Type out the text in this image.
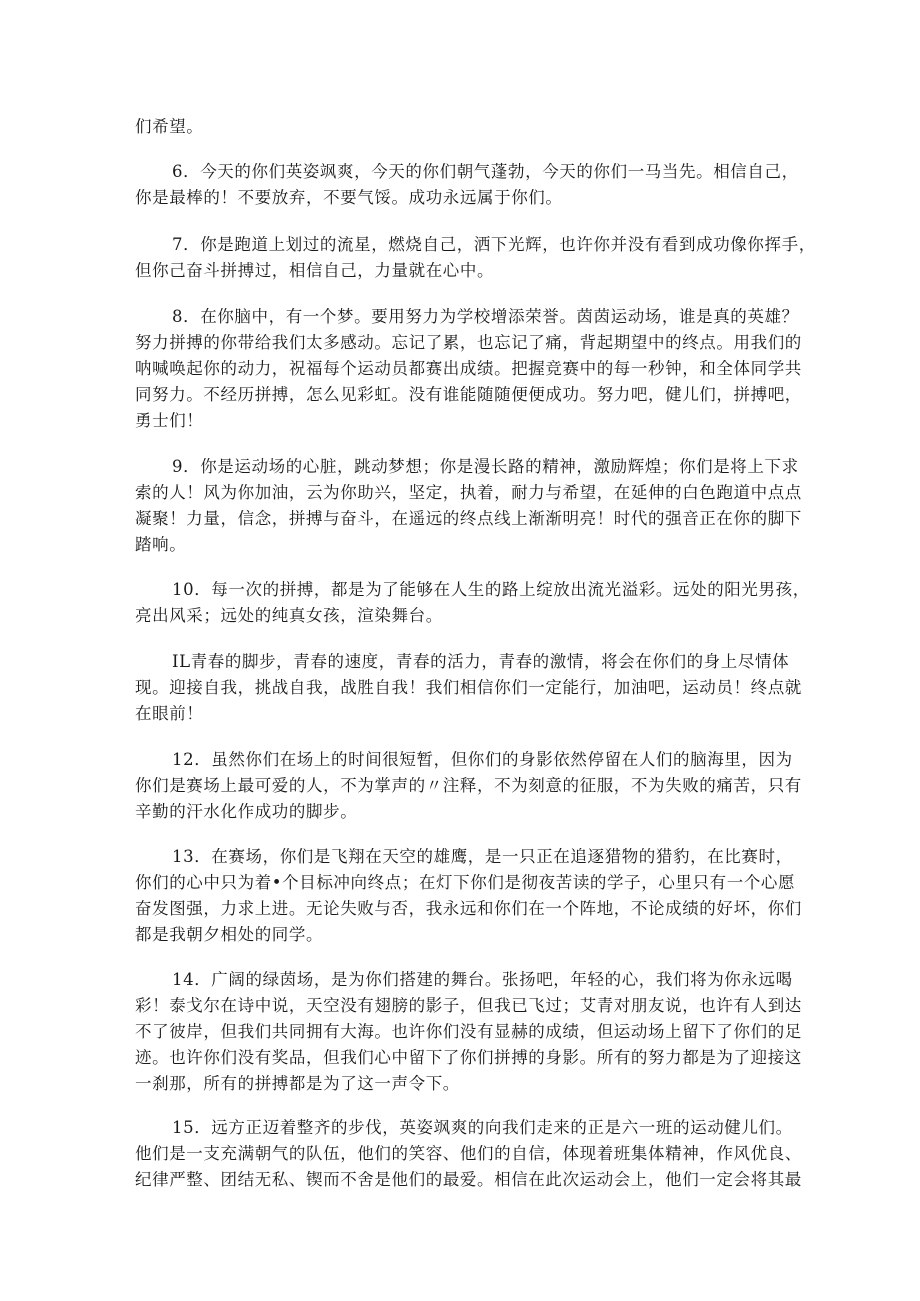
们希望。
6．今天的你们英姿飒爽，今天的你们朝气蓬勃，今天的你们一马当先。相信自己，
你是最棒的！不要放弃，不要气馁。成功永远属于你们。
7．你是跑道上划过的流星，燃烧自己，洒下光辉，也许你并没有看到成功像你挥手，
但你己奋斗拼搏过，相信自己，力量就在心中。
8．在你脑中，有一个梦。要用努力为学校增添荣誉。茵茵运动场，谁是真的英雄？
努力拼搏的你带给我们太多感动。忘记了累，也忘记了痛，背起期望中的终点。用我们的
呐喊唤起你的动力，祝福每个运动员都赛出成绩。把握竞赛中的每一秒钟，和全体同学共
同努力。不经历拼搏，怎么见彩虹。没有谁能随随便便成功。努力吧，健儿们，拼搏吧，
勇士们！
9．你是运动场的心脏，跳动梦想；你是漫长路的精神，激励辉煌；你们是将上下求
索的人！风为你加油，云为你助兴，坚定，执着，耐力与希望，在延伸的白色跑道中点点
凝聚！力量，信念，拼搏与奋斗，在遥远的终点线上渐渐明亮！时代的强音正在你的脚下
踏响。
10．每一次的拼搏，都是为了能够在人生的路上绽放出流光溢彩。远处的阳光男孩，
亮出风采；远处的纯真女孩，渲染舞台。
IL青春的脚步，青春的速度，青春的活力，青春的激情，将会在你们的身上尽情体
现。迎接自我，挑战自我，战胜自我！我们相信你们一定能行，加油吧，运动员！终点就
在眼前！
12．虽然你们在场上的时间很短暂，但你们的身影依然停留在人们的脑海里，因为
你们是赛场上最可爱的人，不为掌声的〃注释，不为刻意的征服，不为失败的痛苦，只有
辛勤的汗水化作成功的脚步。
13．在赛场，你们是飞翔在天空的雄鹰，是一只正在追逐猎物的猎豹，在比赛时，
你们的心中只为着•个目标冲向终点；在灯下你们是彻夜苦读的学子，心里只有一个心愿
奋发图强，力求上进。无论失败与否，我永远和你们在一个阵地，不论成绩的好坏，你们
都是我朝夕相处的同学。
14．广阔的绿茵场，是为你们搭建的舞台。张扬吧，年轻的心，我们将为你永远喝
彩！泰戈尔在诗中说，天空没有翅膀的影子，但我已飞过；艾青对朋友说，也许有人到达
不了彼岸，但我们共同拥有大海。也许你们没有显赫的成绩，但运动场上留下了你们的足
迹。也许你们没有奖品，但我们心中留下了你们拼搏的身影。所有的努力都是为了迎接这
一刹那，所有的拼搏都是为了这一声令下。
15．远方正迈着整齐的步伐，英姿飒爽的向我们走来的正是六一班的运动健儿们。
他们是一支充满朝气的队伍，他们的笑容、他们的自信，体现着班集体精神，作风优良、
纪律严整、团结无私、锲而不舍是他们的最爱。相信在此次运动会上，他们一定会将其最
